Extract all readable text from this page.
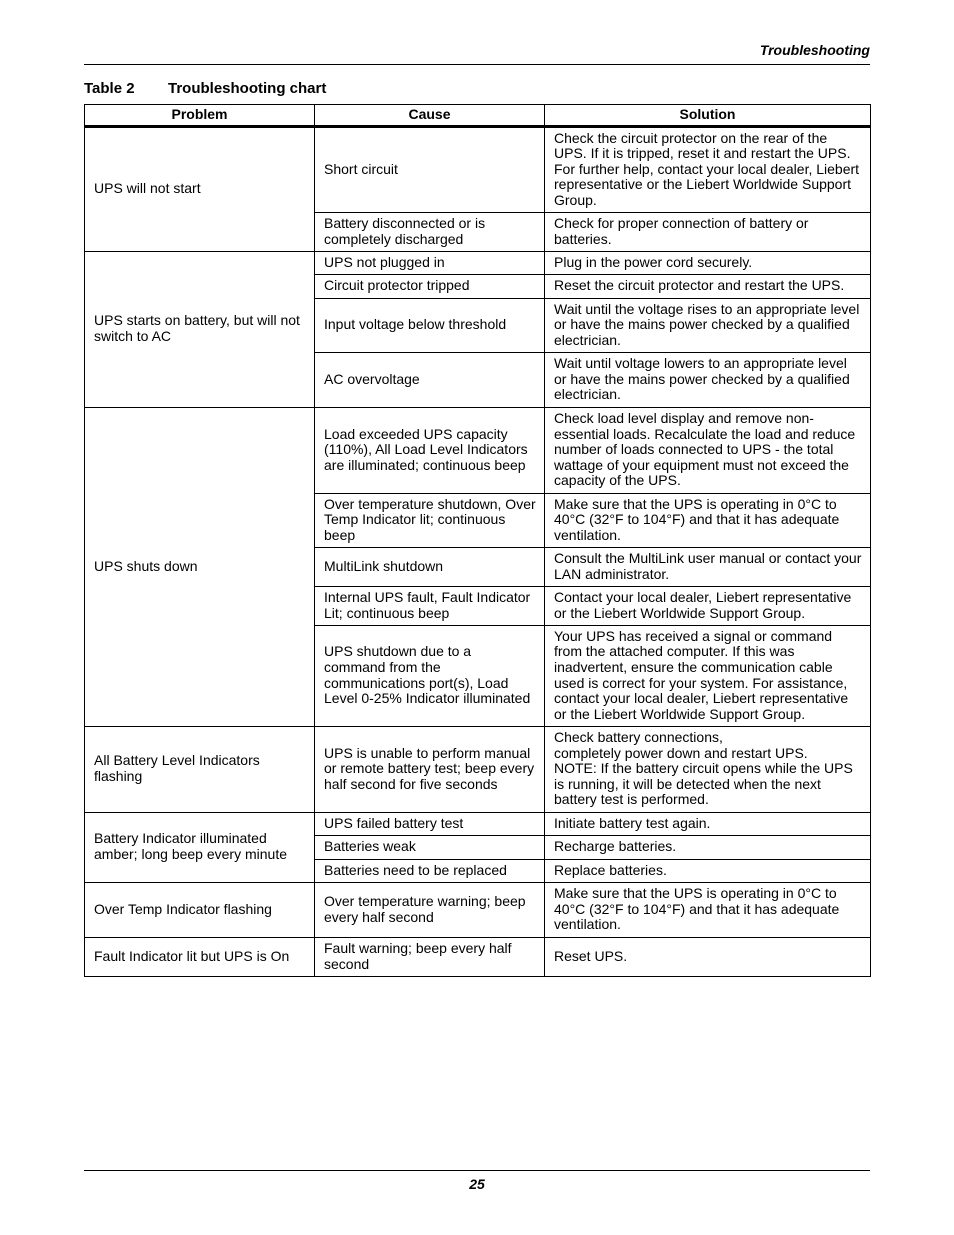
Troubleshooting
Table 2 Troubleshooting chart
Problem	Cause	Solution
UPS will not start	Short circuit	Check the circuit protector on the rear of the UPS. If it is tripped, reset it and restart the UPS. For further help, contact your local dealer, Liebert representative or the Liebert Worldwide Support Group.
	Battery disconnected or is completely discharged	Check for proper connection of battery or batteries.
UPS starts on battery, but will not switch to AC	UPS not plugged in	Plug in the power cord securely.
	Circuit protector tripped	Reset the circuit protector and restart the UPS.
	Input voltage below threshold	Wait until the voltage rises to an appropriate level or have the mains power checked by a qualified electrician.
	AC overvoltage	Wait until voltage lowers to an appropriate level or have the mains power checked by a qualified electrician.
UPS shuts down	Load exceeded UPS capacity (110%), All Load Level Indicators are illuminated; continuous beep	Check load level display and remove non-essential loads. Recalculate the load and reduce number of loads connected to UPS - the total wattage of your equipment must not exceed the capacity of the UPS.
	Over temperature shutdown, Over Temp Indicator lit; continuous beep	Make sure that the UPS is operating in 0°C to 40°C (32°F to 104°F) and that it has adequate ventilation.
	MultiLink shutdown	Consult the MultiLink user manual or contact your LAN administrator.
	Internal UPS fault, Fault Indicator Lit; continuous beep	Contact your local dealer, Liebert representative or the Liebert Worldwide Support Group.
	UPS shutdown due to a command from the communications port(s), Load Level 0-25% Indicator illuminated	Your UPS has received a signal or command from the attached computer. If this was inadvertent, ensure the communication cable used is correct for your system. For assistance, contact your local dealer, Liebert representative or the Liebert Worldwide Support Group.
All Battery Level Indicators flashing	UPS is unable to perform manual or remote battery test; beep every half second for five seconds	Check battery connections,
completely power down and restart UPS.
NOTE: If the battery circuit opens while the UPS is running, it will be detected when the next battery test is performed.
Battery Indicator illuminated amber; long beep every minute	UPS failed battery test	Initiate battery test again.
	Batteries weak	Recharge batteries.
	Batteries need to be replaced	Replace batteries.
Over Temp Indicator flashing	Over temperature warning; beep every half second	Make sure that the UPS is operating in 0°C to 40°C (32°F to 104°F) and that it has adequate ventilation.
Fault Indicator lit but UPS is On	Fault warning; beep every half second	Reset UPS.
25
